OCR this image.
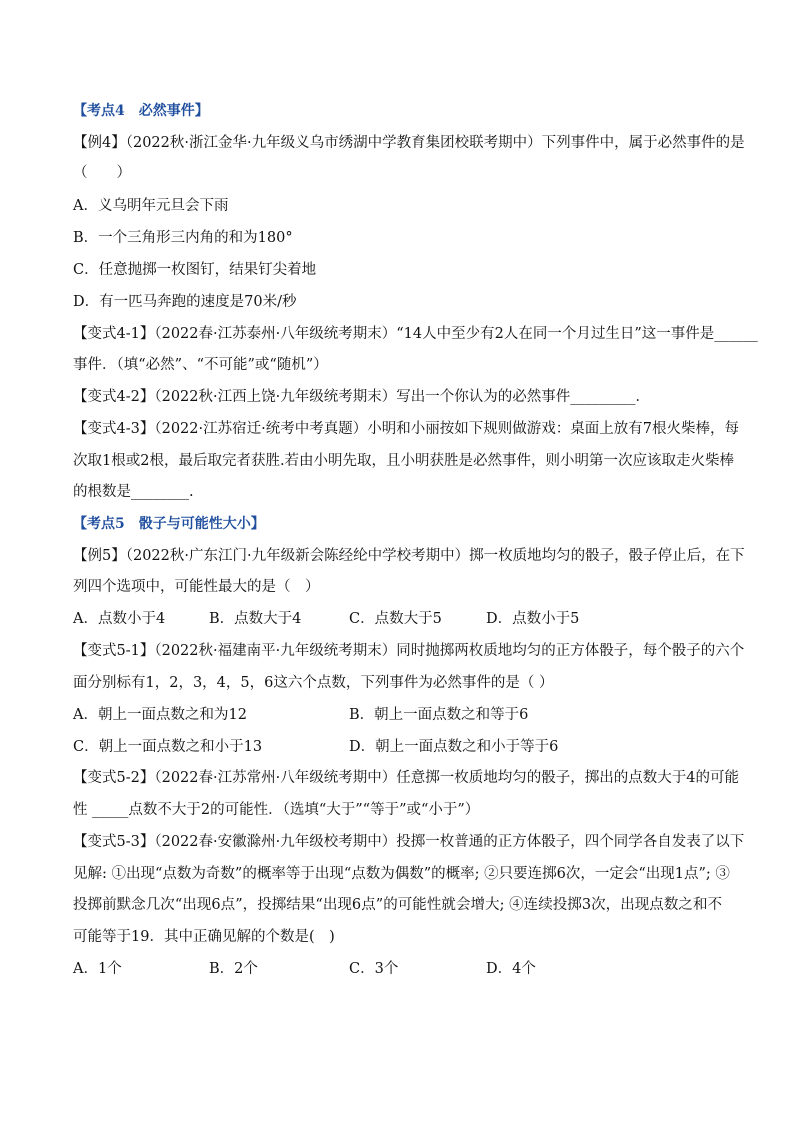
【考点4　必然事件】
【例4】（2022秋·浙江金华·九年级义乌市绣湖中学教育集团校联考期中）下列事件中，属于必然事件的是
（　　）
A．义乌明年元旦会下雨
B．一个三角形三内角的和为180°
C．任意抛掷一枚图钉，结果钉尖着地
D．有一匹马奔跑的速度是70米/秒
【变式4-1】（2022春·江苏泰州·八年级统考期末）“14人中至少有2人在同一个月过生日”这一事件是______
事件．（填“必然”、“不可能”或“随机”）
【变式4-2】（2022秋·江西上饶·九年级统考期末）写出一个你认为的必然事件_________．
【变式4-3】（2022·江苏宿迁·统考中考真题）小明和小丽按如下规则做游戏：桌面上放有7根火柴棒，每
次取1根或2根，最后取完者获胜.若由小明先取，且小明获胜是必然事件，则小明第一次应该取走火柴棒
的根数是________.
【考点5　骰子与可能性大小】
【例5】（2022秋·广东江门·九年级新会陈经纶中学校考期中）掷一枚质地均匀的骰子，骰子停止后，在下
列四个选项中，可能性最大的是（　）
A．点数小于4	B．点数大于4	C．点数大于5	D．点数小于5
【变式5-1】（2022秋·福建南平·九年级统考期末）同时抛掷两枚质地均匀的正方体骰子，每个骰子的六个
面分别标有1，2，3，4，5，6这六个点数，下列事件为必然事件的是（ ）
A．朝上一面点数之和为12	B．朝上一面点数之和等于6
C．朝上一面点数之和小于13	D．朝上一面点数之和小于等于6
【变式5-2】（2022春·江苏常州·八年级统考期中）任意掷一枚质地均匀的骰子，掷出的点数大于4的可能
性 _____点数不大于2的可能性．（选填“大于”“等于”或“小于”）
【变式5-3】（2022春·安徽滁州·九年级校考期中）投掷一枚普通的正方体骰子，四个同学各自发表了以下
见解: ①出现“点数为奇数”的概率等于出现“点数为偶数”的概率; ②只要连掷6次，一定会“出现1点”; ③
投掷前默念几次“出现6点”，投掷结果“出现6点”的可能性就会增大; ④连续投掷3次，出现点数之和不
可能等于19．其中正确见解的个数是(　)
A．1个	B．2个	C．3个	D．4个
